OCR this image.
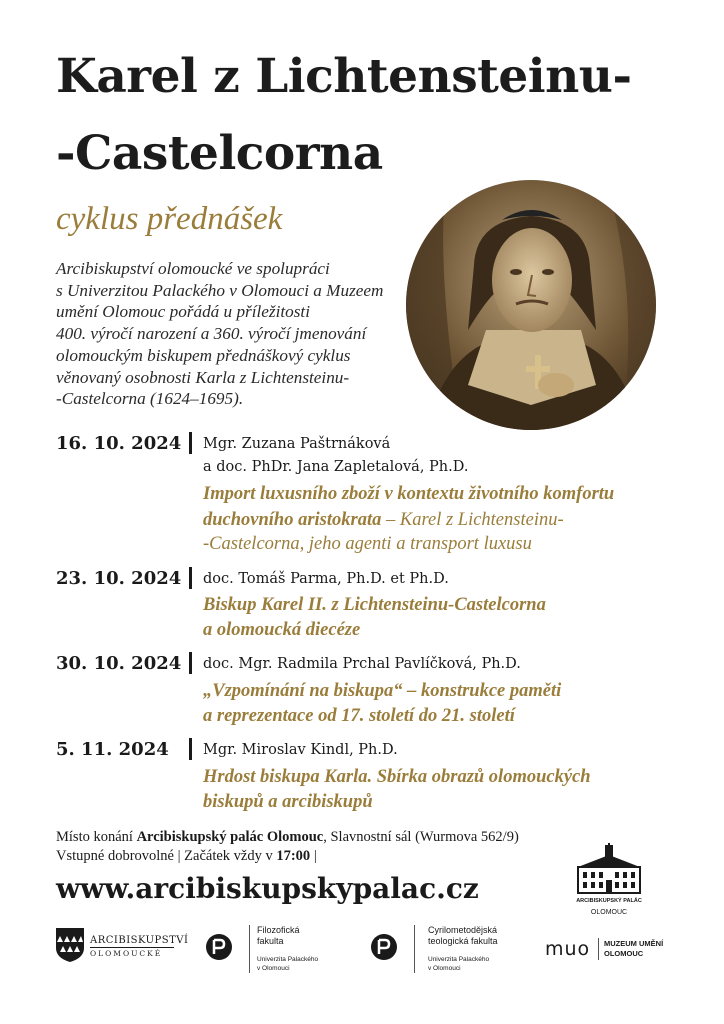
Karel z Lichtensteinu-
-Castelcorna
cyklus přednášek
Arcibiskupství olomoucké ve spolupráci
s Univerzitou Palackého v Olomouci a Muzeem
umění Olomouc pořádá u příležitosti
400. výročí narození a 360. výročí jmenování
olomouckým biskupem přednáškový cyklus
věnovaný osobnosti Karla z Lichtensteinu-
-Castelcorna (1624–1695).
16. 10. 2024 Mgr. Zuzana Paštrnáková
a doc. PhDr. Jana Zapletalová, Ph.D.
Import luxusního zboží v kontextu životního komfortu
duchovního aristokrata – Karel z Lichtensteinu-
-Castelcorna, jeho agenti a transport luxusu
23. 10. 2024 doc. Tomáš Parma, Ph.D. et Ph.D.
Biskup Karel II. z Lichtensteinu-Castelcorna
a olomoucká diecéze
30. 10. 2024 doc. Mgr. Radmila Prchal Pavlíčková, Ph.D.
„Vzpomínání na biskupa“ – konstrukce paměti
a reprezentace od 17. století do 21. století
5. 11. 2024 Mgr. Miroslav Kindl, Ph.D.
Hrdost biskupa Karla. Sbírka obrazů olomouckých
biskupů a arcibiskupů
Místo konání Arcibiskupský palác Olomouc, Slavnostní sál (Wurmova 562/9)
Vstupné dobrovolné | Začátek vždy v 17:00 |
www.arcibiskupskypalac.cz	ARCIBISKUPSKÝ PALÁC
OLOMOUC
ARCIBISKUPSTVÍ
OLOMOUCKÉ
Filozofická
fakulta
Univerzita Palackého
v Olomouci
Cyrilometodějská
teologická fakulta
Univerzita Palackého
v Olomouci
muo MUZEUM UMĚNÍ
OLOMOUC
